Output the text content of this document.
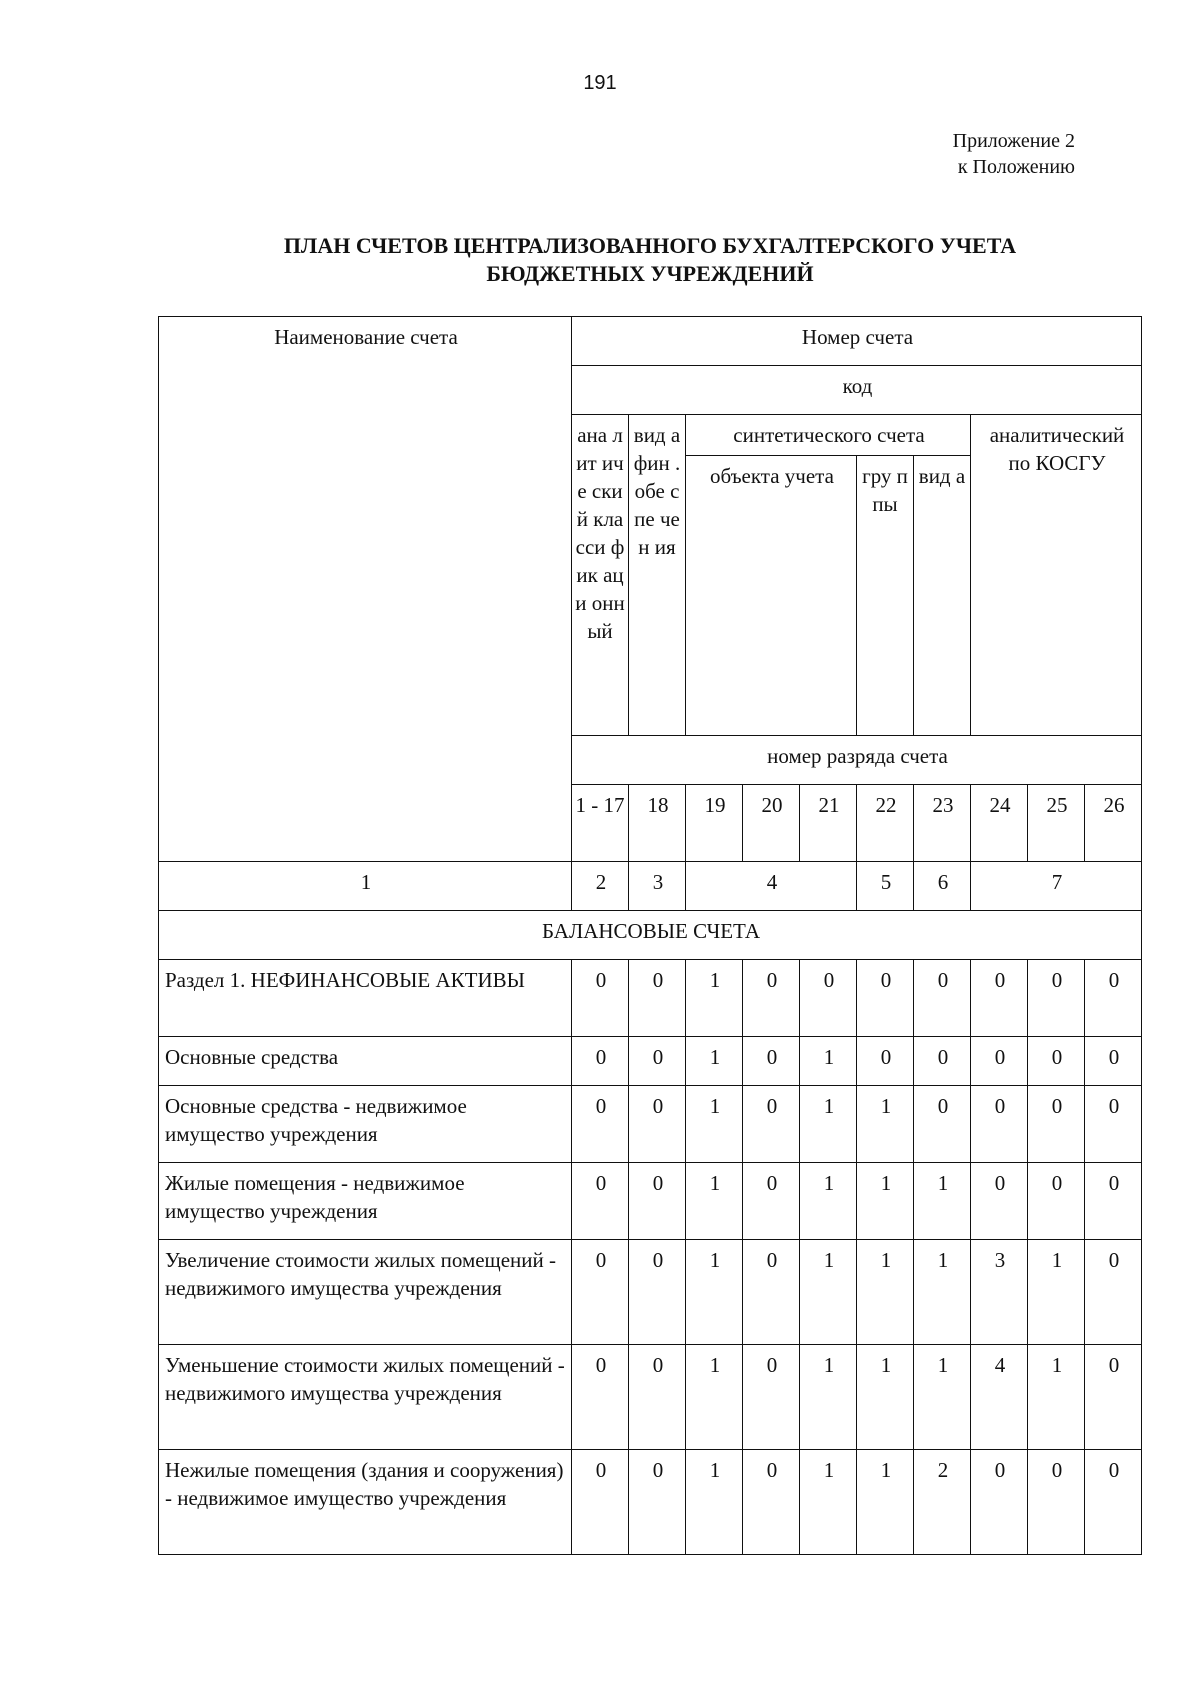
191
Приложение 2
к Положению
ПЛАН СЧЕТОВ ЦЕНТРАЛИЗОВАННОГО БУХГАЛТЕРСКОГО УЧЕТА
БЮДЖЕТНЫХ УЧРЕЖДЕНИЙ
Наименование счета	Номер счета									
	код									
	ана лит иче ски й кла сси фик аци онн ый	вид а фин . обе спе чен ия	синтетического счета					аналитический по КОСГУ		
			объекта учета			гру ппы	вид а			
	номер разряда счета									
	1 - 17	18	19	20	21	22	23	24	25	26
1	2	3	4			5	6	7		
БАЛАНСОВЫЕ СЧЕТА										
Раздел 1. НЕФИНАНСОВЫЕ АКТИВЫ	0	0	1	0	0	0	0	0	0	0
Основные средства	0	0	1	0	1	0	0	0	0	0
Основные средства - недвижимое имущество учреждения	0	0	1	0	1	1	0	0	0	0
Жилые помещения - недвижимое имущество учреждения	0	0	1	0	1	1	1	0	0	0
Увеличение стоимости жилых помещений - недвижимого имущества учреждения	0	0	1	0	1	1	1	3	1	0
Уменьшение стоимости жилых помещений - недвижимого имущества учреждения	0	0	1	0	1	1	1	4	1	0
Нежилые помещения (здания и сооружения) - недвижимое имущество учреждения	0	0	1	0	1	1	2	0	0	0
